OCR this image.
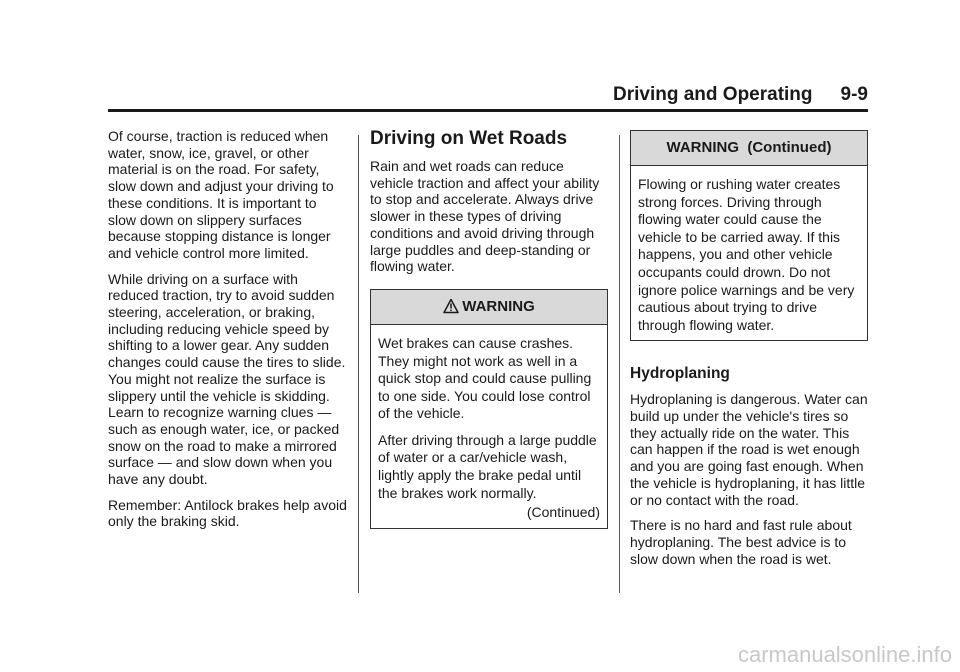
Driving and Operating 9-9

Of course, traction is reduced when water, snow, ice, gravel, or other material is on the road. For safety, slow down and adjust your driving to these conditions. It is important to slow down on slippery surfaces because stopping distance is longer and vehicle control more limited.

While driving on a surface with reduced traction, try to avoid sudden steering, acceleration, or braking, including reducing vehicle speed by shifting to a lower gear. Any sudden changes could cause the tires to slide. You might not realize the surface is slippery until the vehicle is skidding. Learn to recognize warning clues — such as enough water, ice, or packed snow on the road to make a mirrored surface — and slow down when you have any doubt.

Remember: Antilock brakes help avoid only the braking skid.

Driving on Wet Roads

Rain and wet roads can reduce vehicle traction and affect your ability to stop and accelerate. Always drive slower in these types of driving conditions and avoid driving through large puddles and deep-standing or flowing water.

WARNING

Wet brakes can cause crashes. They might not work as well in a quick stop and could cause pulling to one side. You could lose control of the vehicle.

After driving through a large puddle of water or a car/vehicle wash, lightly apply the brake pedal until the brakes work normally.

(Continued)

WARNING  (Continued)

Flowing or rushing water creates strong forces. Driving through flowing water could cause the vehicle to be carried away. If this happens, you and other vehicle occupants could drown. Do not ignore police warnings and be very cautious about trying to drive through flowing water.

Hydroplaning

Hydroplaning is dangerous. Water can build up under the vehicle's tires so they actually ride on the water. This can happen if the road is wet enough and you are going fast enough. When the vehicle is hydroplaning, it has little or no contact with the road.

There is no hard and fast rule about hydroplaning. The best advice is to slow down when the road is wet.

carmanualsonline.info
